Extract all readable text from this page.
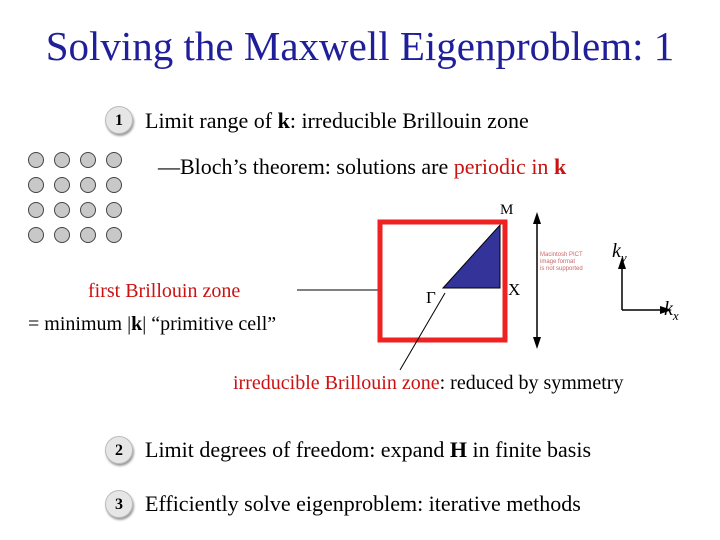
Solving the Maxwell Eigenproblem: 1
1	Limit range of k: irreducible Brillouin zone
—Bloch’s theorem: solutions are periodic in k
M
Γ	X
Macintosh PICT
image format
is not supported
$k_y$
$k_x$
first Brillouin zone
= minimum |k| “primitive cell”
irreducible Brillouin zone: reduced by symmetry
2	Limit degrees of freedom: expand H in finite basis
3	Efficiently solve eigenproblem: iterative methods
